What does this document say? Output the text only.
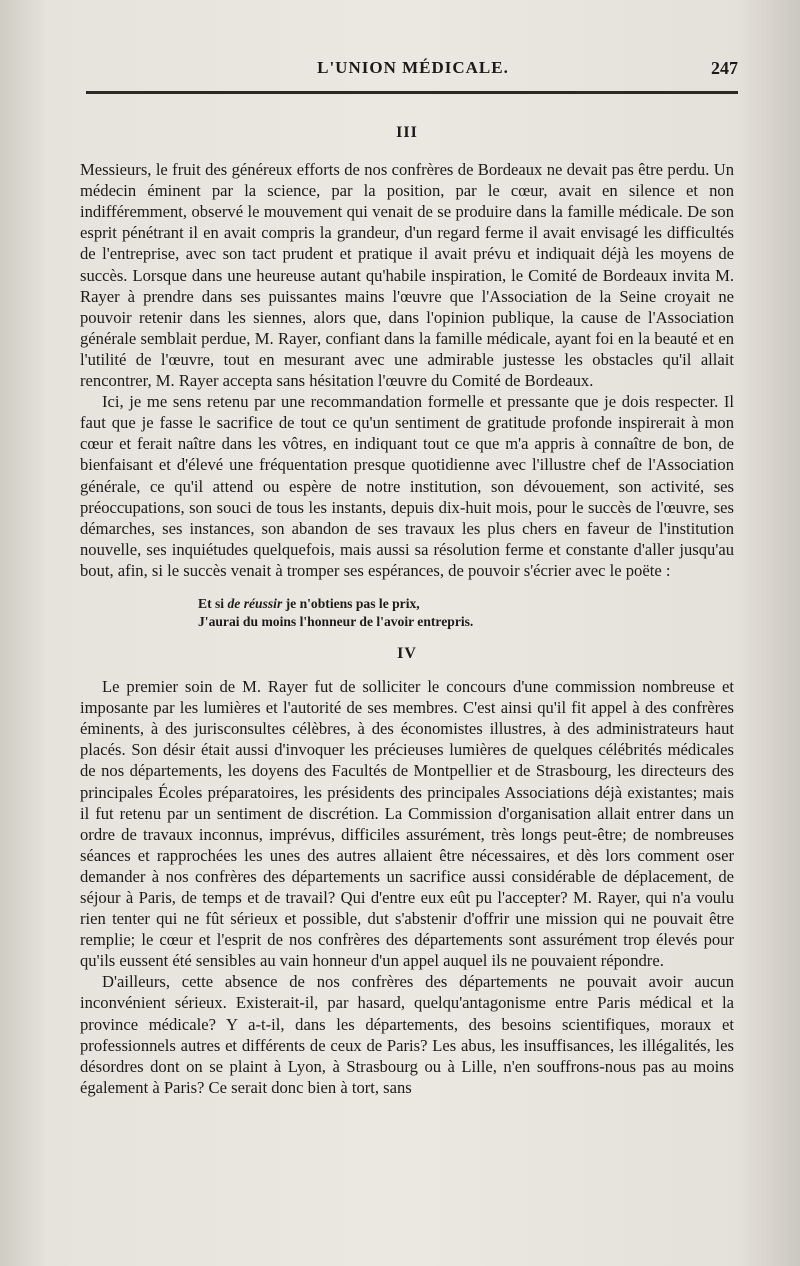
L'UNION MÉDICALE.	247
III

Messieurs, le fruit des généreux efforts de nos confrères de Bordeaux ne devait pas être perdu. Un médecin éminent par la science, par la position, par le cœur, avait en silence et non indifféremment, observé le mouvement qui venait de se produire dans la famille médicale. De son esprit pénétrant il en avait compris la grandeur, d'un regard ferme il avait envisagé les difficultés de l'entreprise, avec son tact prudent et pratique il avait prévu et indiquait déjà les moyens de succès. Lorsque dans une heureuse autant qu'habile inspiration, le Comité de Bordeaux invita M. Rayer à prendre dans ses puissantes mains l'œuvre que l'Association de la Seine croyait ne pouvoir retenir dans les siennes, alors que, dans l'opinion publique, la cause de l'Association générale semblait perdue, M. Rayer, confiant dans la famille médicale, ayant foi en la beauté et en l'utilité de l'œuvre, tout en mesurant avec une admirable justesse les obstacles qu'il allait rencontrer, M. Rayer accepta sans hésitation l'œuvre du Comité de Bordeaux.

Ici, je me sens retenu par une recommandation formelle et pressante que je dois respecter. Il faut que je fasse le sacrifice de tout ce qu'un sentiment de gratitude profonde inspirerait à mon cœur et ferait naître dans les vôtres, en indiquant tout ce que m'a appris à connaître de bon, de bienfaisant et d'élevé une fréquentation presque quotidienne avec l'illustre chef de l'Association générale, ce qu'il attend ou espère de notre institution, son dévouement, son activité, ses préoccupations, son souci de tous les instants, depuis dix-huit mois, pour le succès de l'œuvre, ses démarches, ses instances, son abandon de ses travaux les plus chers en faveur de l'institution nouvelle, ses inquiétudes quelquefois, mais aussi sa résolution ferme et constante d'aller jusqu'au bout, afin, si le succès venait à tromper ses espérances, de pouvoir s'écrier avec le poëte :

Et si de réussir je n'obtiens pas le prix,
J'aurai du moins l'honneur de l'avoir entrepris.
IV

Le premier soin de M. Rayer fut de solliciter le concours d'une commission nombreuse et imposante par les lumières et l'autorité de ses membres. C'est ainsi qu'il fit appel à des confrères éminents, à des jurisconsultes célèbres, à des économistes illustres, à des administrateurs haut placés. Son désir était aussi d'invoquer les précieuses lumières de quelques célébrités médicales de nos départements, les doyens des Facultés de Montpellier et de Strasbourg, les directeurs des principales Écoles préparatoires, les présidents des principales Associations déjà existantes; mais il fut retenu par un sentiment de discrétion. La Commission d'organisation allait entrer dans un ordre de travaux inconnus, imprévus, difficiles assurément, très longs peut-être; de nombreuses séances et rapprochées les unes des autres allaient être nécessaires, et dès lors comment oser demander à nos confrères des départements un sacrifice aussi considérable de déplacement, de séjour à Paris, de temps et de travail? Qui d'entre eux eût pu l'accepter? M. Rayer, qui n'a voulu rien tenter qui ne fût sérieux et possible, dut s'abstenir d'offrir une mission qui ne pouvait être remplie; le cœur et l'esprit de nos confrères des départements sont assurément trop élevés pour qu'ils eussent été sensibles au vain honneur d'un appel auquel ils ne pouvaient répondre.

D'ailleurs, cette absence de nos confrères des départements ne pouvait avoir aucun inconvénient sérieux. Existerait-il, par hasard, quelqu'antagonisme entre Paris médical et la province médicale? Y a-t-il, dans les départements, des besoins scientifiques, moraux et professionnels autres et différents de ceux de Paris? Les abus, les insuffisances, les illégalités, les désordres dont on se plaint à Lyon, à Strasbourg ou à Lille, n'en souffrons-nous pas au moins également à Paris? Ce serait donc bien à tort, sans
